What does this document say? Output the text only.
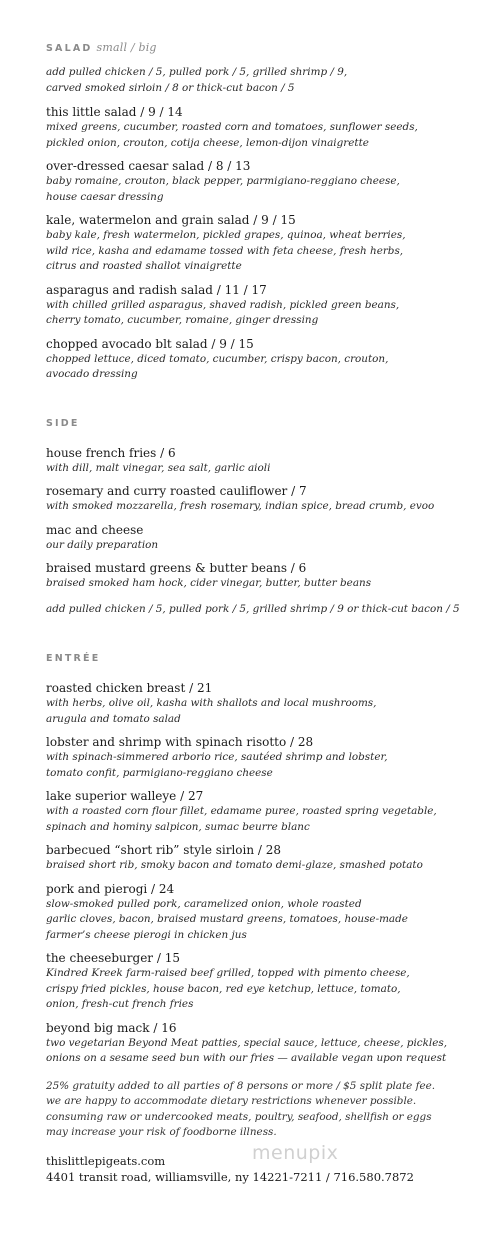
SALAD small / big
add pulled chicken / 5, pulled pork / 5, grilled shrimp / 9,
carved smoked sirloin / 8 or thick-cut bacon / 5
this little salad / 9 / 14
mixed greens, cucumber, roasted corn and tomatoes, sunflower seeds,
pickled onion, crouton, cotija cheese, lemon-dijon vinaigrette
over-dressed caesar salad / 8 / 13
baby romaine, crouton, black pepper, parmigiano-reggiano cheese,
house caesar dressing
kale, watermelon and grain salad / 9 / 15
baby kale, fresh watermelon, pickled grapes, quinoa, wheat berries,
wild rice, kasha and edamame tossed with feta cheese, fresh herbs,
citrus and roasted shallot vinaigrette
asparagus and radish salad / 11 / 17
with chilled grilled asparagus, shaved radish, pickled green beans,
cherry tomato, cucumber, romaine, ginger dressing
chopped avocado blt salad / 9 / 15
chopped lettuce, diced tomato, cucumber, crispy bacon, crouton,
avocado dressing
SIDE
house french fries / 6
with dill, malt vinegar, sea salt, garlic aioli
rosemary and curry roasted cauliflower / 7
with smoked mozzarella, fresh rosemary, indian spice, bread crumb, evoo
mac and cheese
our daily preparation
braised mustard greens & butter beans / 6
braised smoked ham hock, cider vinegar, butter, butter beans
add pulled chicken / 5, pulled pork / 5, grilled shrimp / 9 or thick-cut bacon / 5
ENTRÉE
roasted chicken breast / 21
with herbs, olive oil, kasha with shallots and local mushrooms,
arugula and tomato salad
lobster and shrimp with spinach risotto / 28
with spinach-simmered arborio rice, sautéed shrimp and lobster,
tomato confit, parmigiano-reggiano cheese
lake superior walleye / 27
with a roasted corn flour fillet, edamame puree, roasted spring vegetable,
spinach and hominy salpicon, sumac beurre blanc
barbecued “short rib” style sirloin / 28
braised short rib, smoky bacon and tomato demi-glaze, smashed potato
pork and pierogi / 24
slow-smoked pulled pork, caramelized onion, whole roasted
garlic cloves, bacon, braised mustard greens, tomatoes, house-made
farmer’s cheese pierogi in chicken jus
the cheeseburger / 15
Kindred Kreek farm-raised beef grilled, topped with pimento cheese,
crispy fried pickles, house bacon, red eye ketchup, lettuce, tomato,
onion, fresh-cut french fries
beyond big mack / 16
two vegetarian Beyond Meat patties, special sauce, lettuce, cheese, pickles,
onions on a sesame seed bun with our fries — available vegan upon request
25% gratuity added to all parties of 8 persons or more / $5 split plate fee.
we are happy to accommodate dietary restrictions whenever possible.
consuming raw or undercooked meats, poultry, seafood, shellfish or eggs
may increase your risk of foodborne illness.
thislittlepigeats.com
4401 transit road, williamsville, ny 14221-7211 / 716.580.7872
menupix
